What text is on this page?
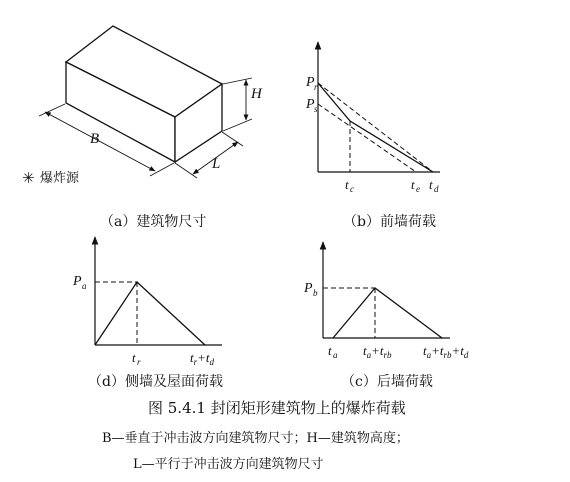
H
L
B
✳ 爆炸源
（a）建筑物尺寸
P r
P s
t c	t e t d
（b）前墙荷载
P a
t r	$t_r+t_d$
（d）侧墙及屋面荷载
P b
t a $t_a+t_{rb}$ $t_a+t_{rb}+t_d$
（c）后墙荷载
图 5.4.1 封闭矩形建筑物上的爆炸荷载
B—垂直于冲击波方向建筑物尺寸；H—建筑物高度；
L—平行于冲击波方向建筑物尺寸
